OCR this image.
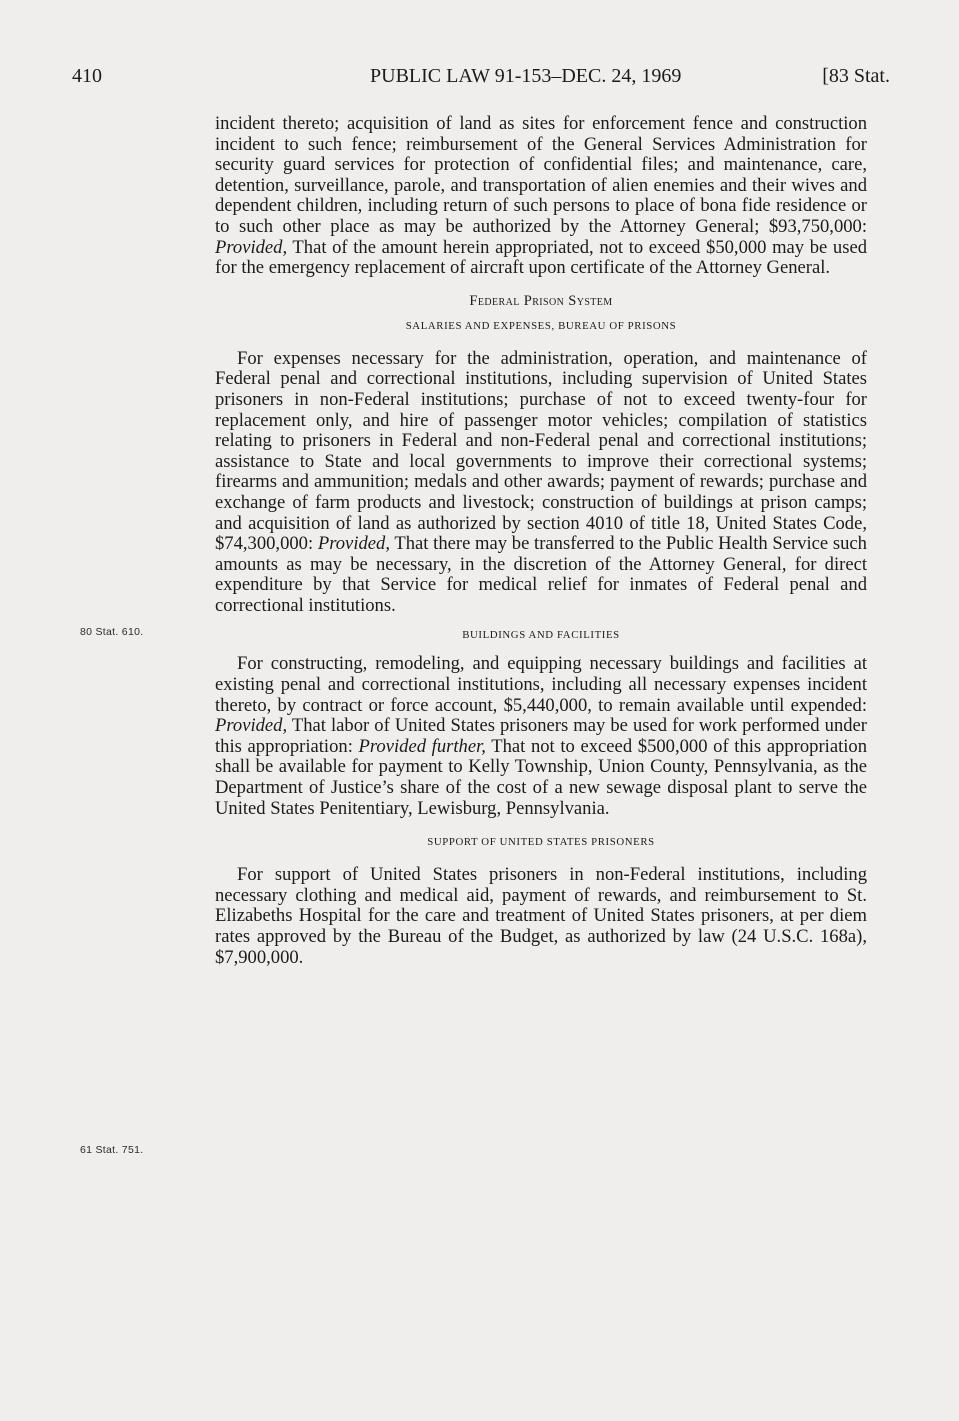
410	PUBLIC LAW 91-153–DEC. 24, 1969	[83 Stat.
80 Stat. 610.
61 Stat. 751.

incident thereto; acquisition of land as sites for enforcement fence and construction incident to such fence; reimbursement of the General Services Administration for security guard services for protection of confidential files; and maintenance, care, detention, surveillance, parole, and transportation of alien enemies and their wives and dependent children, including return of such persons to place of bona fide residence or to such other place as may be authorized by the Attorney General; $93,750,000: Provided, That of the amount herein appropriated, not to exceed $50,000 may be used for the emergency replacement of aircraft upon certificate of the Attorney General.

Federal Prison System
SALARIES AND EXPENSES, BUREAU OF PRISONS

For expenses necessary for the administration, operation, and maintenance of Federal penal and correctional institutions, including supervision of United States prisoners in non-Federal institutions; purchase of not to exceed twenty-four for replacement only, and hire of passenger motor vehicles; compilation of statistics relating to prisoners in Federal and non-Federal penal and correctional institutions; assistance to State and local governments to improve their correctional systems; firearms and ammunition; medals and other awards; payment of rewards; purchase and exchange of farm products and livestock; construction of buildings at prison camps; and acquisition of land as authorized by section 4010 of title 18, United States Code, $74,300,000: Provided, That there may be transferred to the Public Health Service such amounts as may be necessary, in the discretion of the Attorney General, for direct expenditure by that Service for medical relief for inmates of Federal penal and correctional institutions.

BUILDINGS AND FACILITIES

For constructing, remodeling, and equipping necessary buildings and facilities at existing penal and correctional institutions, including all necessary expenses incident thereto, by contract or force account, $5,440,000, to remain available until expended: Provided, That labor of United States prisoners may be used for work performed under this appropriation: Provided further, That not to exceed $500,000 of this appropriation shall be available for payment to Kelly Township, Union County, Pennsylvania, as the Department of Justice’s share of the cost of a new sewage disposal plant to serve the United States Penitentiary, Lewisburg, Pennsylvania.

SUPPORT OF UNITED STATES PRISONERS

For support of United States prisoners in non-Federal institutions, including necessary clothing and medical aid, payment of rewards, and reimbursement to St. Elizabeths Hospital for the care and treatment of United States prisoners, at per diem rates approved by the Bureau of the Budget, as authorized by law (24 U.S.C. 168a), $7,900,000.
